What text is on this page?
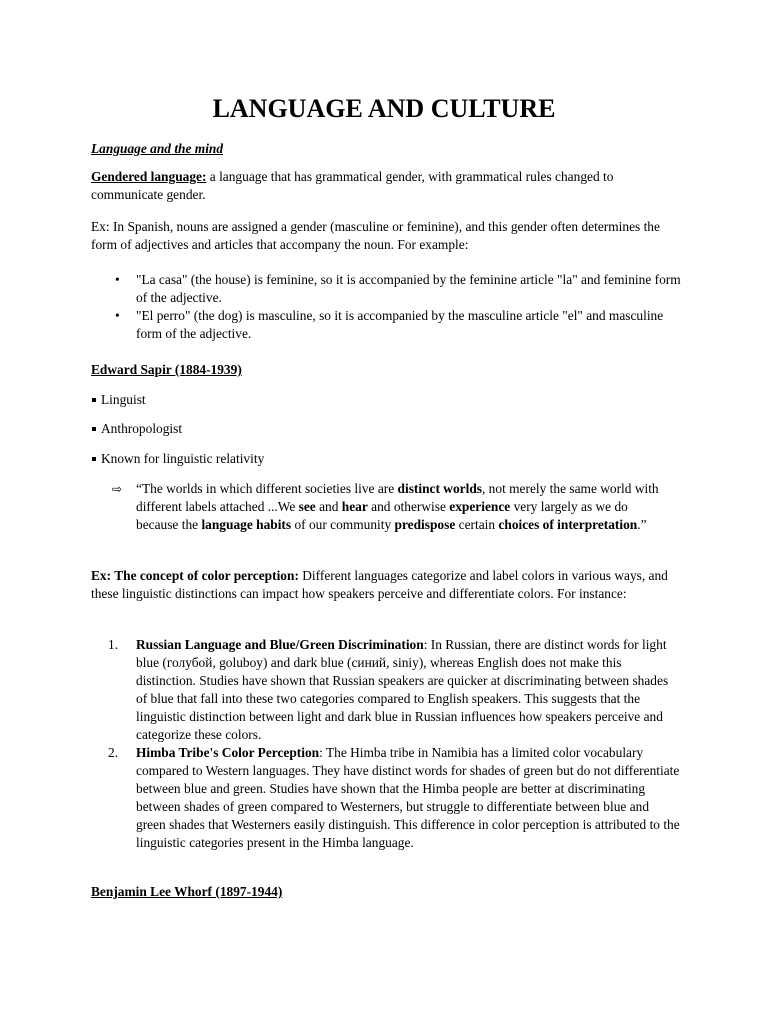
LANGUAGE AND CULTURE

Language and the mind

Gendered language: a language that has grammatical gender, with grammatical rules changed to communicate gender.

Ex: In Spanish, nouns are assigned a gender (masculine or feminine), and this gender often determines the form of adjectives and articles that accompany the noun. For example:

• "La casa" (the house) is feminine, so it is accompanied by the feminine article "la" and feminine form of the adjective.
• "El perro" (the dog) is masculine, so it is accompanied by the masculine article "el" and masculine form of the adjective.

Edward Sapir (1884-1939)

Linguist

Anthropologist

Known for linguistic relativity

⇨	“The worlds in which different societies live are distinct worlds, not merely the same world with different labels attached ...We see and hear and otherwise experience very largely as we do because the language habits of our community predispose certain choices of interpretation.”

Ex: The concept of color perception: Different languages categorize and label colors in various ways, and these linguistic distinctions can impact how speakers perceive and differentiate colors. For instance:

1. Russian Language and Blue/Green Discrimination: In Russian, there are distinct words for light blue (голубой, goluboy) and dark blue (синий, siniy), whereas English does not make this distinction. Studies have shown that Russian speakers are quicker at discriminating between shades of blue that fall into these two categories compared to English speakers. This suggests that the linguistic distinction between light and dark blue in Russian influences how speakers perceive and categorize these colors.
2. Himba Tribe's Color Perception: The Himba tribe in Namibia has a limited color vocabulary compared to Western languages. They have distinct words for shades of green but do not differentiate between blue and green. Studies have shown that the Himba people are better at discriminating between shades of green compared to Westerners, but struggle to differentiate between blue and green shades that Westerners easily distinguish. This difference in color perception is attributed to the linguistic categories present in the Himba language.

Benjamin Lee Whorf (1897-1944)
